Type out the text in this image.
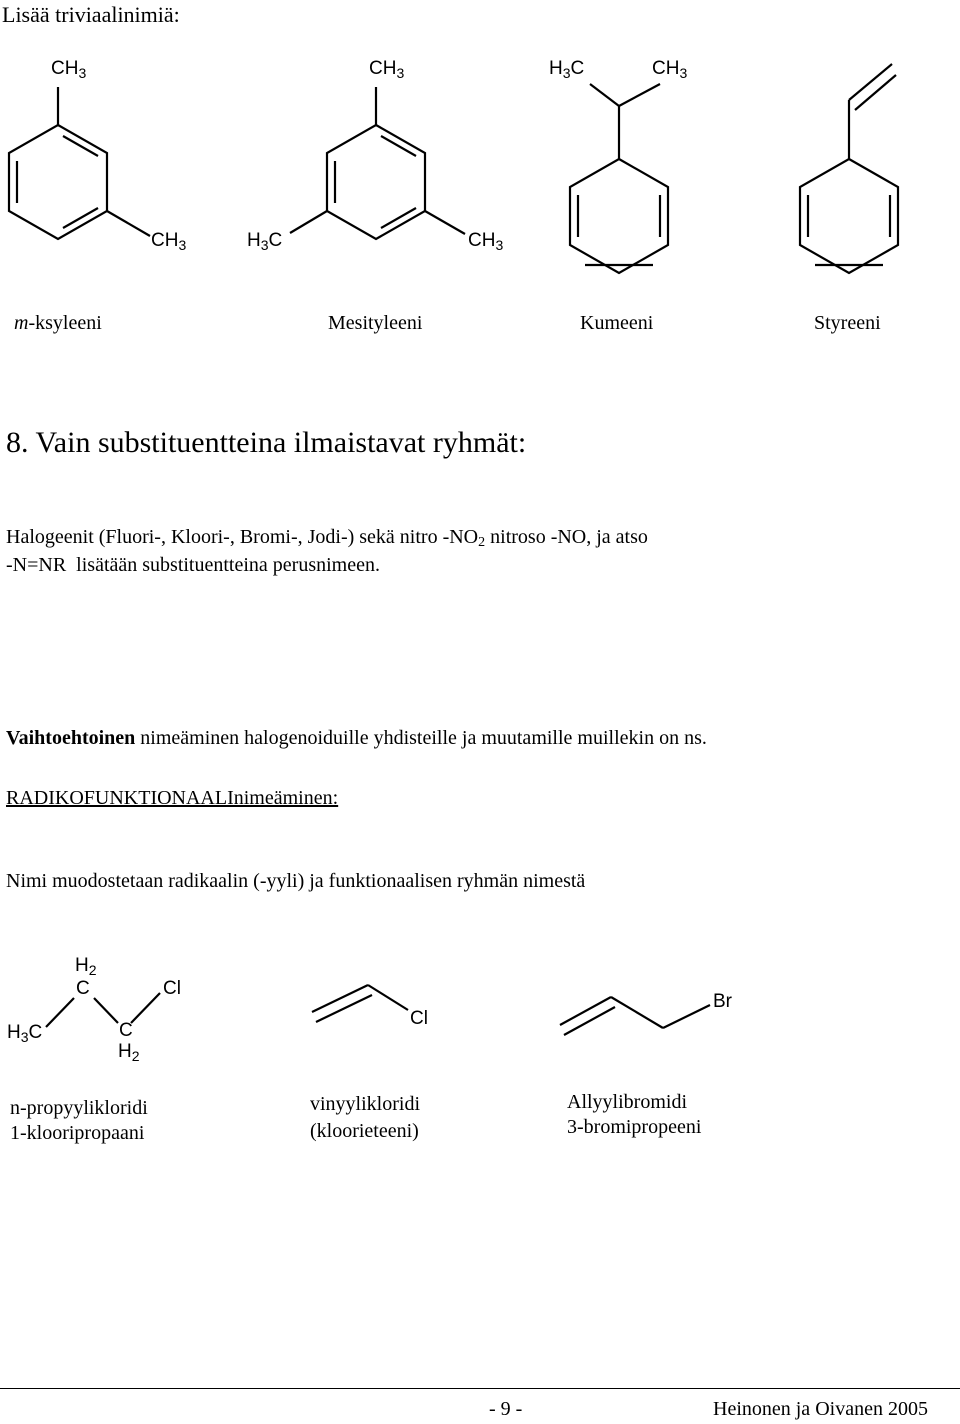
Lisää triviaalinimiä:
$CH_3$
$CH_3$
$CH_3$
$H_3C$	$CH_3$
$H_3C$	$CH_3$
m-ksyleeni	Mesityleeni	Kumeeni	Styreeni
8. Vain substituentteina ilmaistavat ryhmät:
Halogeenit (Fluori-, Kloori-, Bromi-, Jodi-) sekä nitro $-NO_2$ nitroso -NO, ja atso
-N=NR  lisätään substituentteina perusnimeen.
Vaihtoehtoinen nimeäminen halogenoiduille yhdisteille ja muutamille muillekin on ns.
RADIKOFUNKTIONAALInimeäminen:
Nimi muodostetaan radikaalin (-yyli) ja funktionaalisen ryhmän nimestä
$H_2$
C	Cl
$H_3C$	C
$H_2$
Cl
Br
n-propyylikloridi
1-klooripropaani
vinyylikloridi
(kloorieteeni)
Allyylibromidi
3-bromipropeeni
- 9 -	Heinonen ja Oivanen 2005
